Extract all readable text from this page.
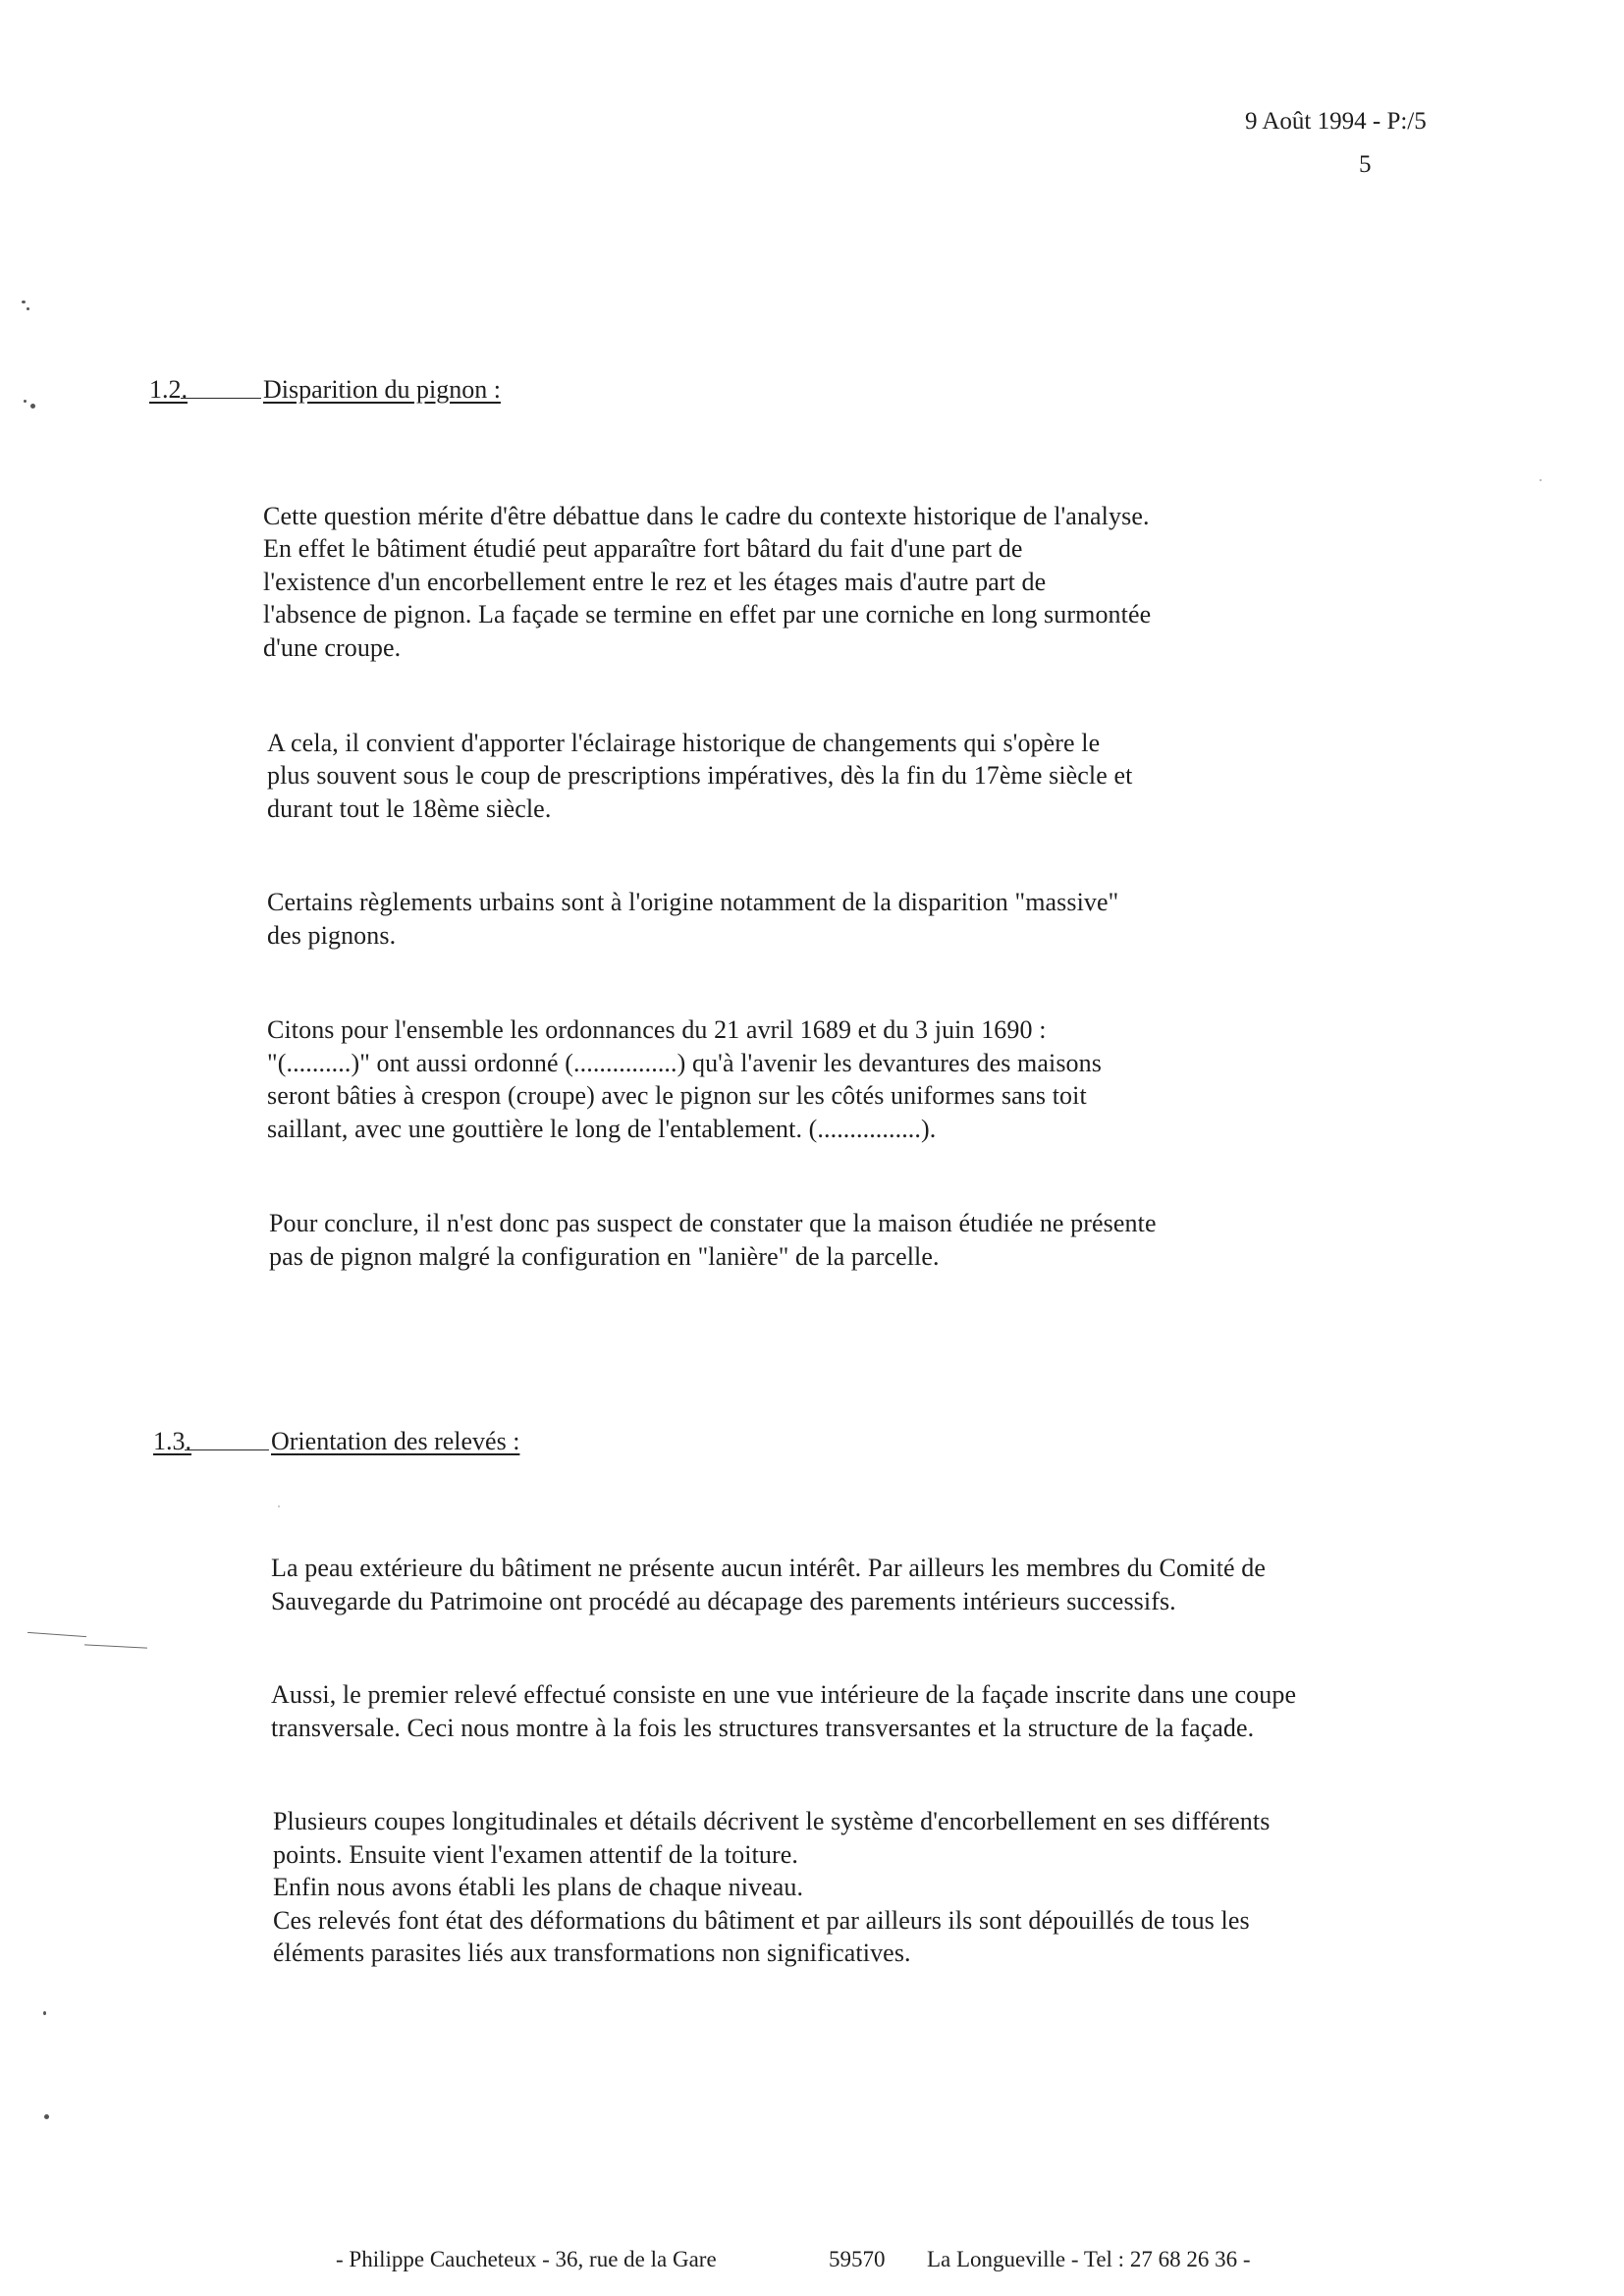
9 Août 1994 - P:/5
5
1.2.	Disparition du pignon :
Cette question mérite d'être débattue dans le cadre du contexte historique de l'analyse.
En effet le bâtiment étudié peut apparaître fort bâtard du fait d'une part de
l'existence d'un encorbellement entre le rez et les étages mais d'autre part de
l'absence de pignon. La façade se termine en effet par une corniche en long surmontée
d'une croupe.
A cela, il convient d'apporter l'éclairage historique de changements qui s'opère le
plus souvent sous le coup de prescriptions impératives, dès la fin du 17ème siècle et
durant tout le 18ème siècle.
Certains règlements urbains sont à l'origine notamment de la disparition "massive"
des pignons.
Citons pour l'ensemble les ordonnances du 21 avril 1689 et du 3 juin 1690 :
"(..........)" ont aussi ordonné (................) qu'à l'avenir les devantures des maisons
seront bâties à crespon (croupe) avec le pignon sur les côtés uniformes sans toit
saillant, avec une gouttière le long de l'entablement. (................).
Pour conclure, il n'est donc pas suspect de constater que la maison étudiée ne présente
pas de pignon malgré la configuration en "lanière" de la parcelle.
1.3.	Orientation des relevés :
La peau extérieure du bâtiment ne présente aucun intérêt. Par ailleurs les membres du Comité de
Sauvegarde du Patrimoine ont procédé au décapage des parements intérieurs successifs.
Aussi, le premier relevé effectué consiste en une vue intérieure de la façade inscrite dans une coupe
transversale. Ceci nous montre à la fois les structures transversantes et la structure de la façade.
Plusieurs coupes longitudinales et détails décrivent le système d'encorbellement en ses différents
points. Ensuite vient l'examen attentif de la toiture.
Enfin nous avons établi les plans de chaque niveau.
Ces relevés font état des déformations du bâtiment et par ailleurs ils sont dépouillés de tous les
éléments parasites liés aux transformations non significatives.
- Philippe Caucheteux - 36, rue de la Gare	59570 La Longueville - Tel : 27 68 26 36 -
